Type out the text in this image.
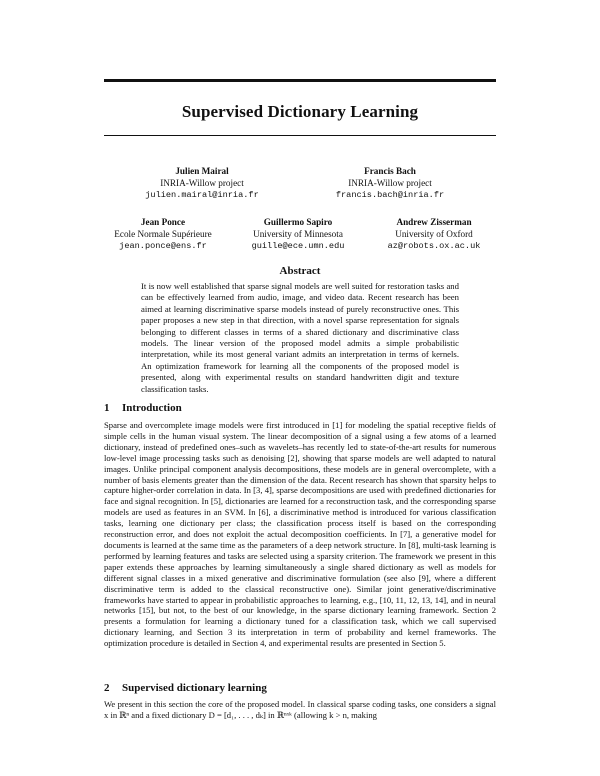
Supervised Dictionary Learning
Julien Mairal
INRIA-Willow project
julien.mairal@inria.fr
Francis Bach
INRIA-Willow project
francis.bach@inria.fr
Jean Ponce
Ecole Normale Supérieure
jean.ponce@ens.fr
Guillermo Sapiro
University of Minnesota
guille@ece.umn.edu
Andrew Zisserman
University of Oxford
az@robots.ox.ac.uk
Abstract
It is now well established that sparse signal models are well suited for restoration tasks and can be effectively learned from audio, image, and video data. Recent research has been aimed at learning discriminative sparse models instead of purely reconstructive ones. This paper proposes a new step in that direction, with a novel sparse representation for signals belonging to different classes in terms of a shared dictionary and discriminative class models. The linear version of the proposed model admits a simple probabilistic interpretation, while its most general variant admits an interpretation in terms of kernels. An optimization framework for learning all the components of the proposed model is presented, along with experimental results on standard handwritten digit and texture classification tasks.
1 Introduction
Sparse and overcomplete image models were first introduced in [1] for modeling the spatial receptive fields of simple cells in the human visual system. The linear decomposition of a signal using a few atoms of a learned dictionary, instead of predefined ones–such as wavelets–has recently led to state-of-the-art results for numerous low-level image processing tasks such as denoising [2], showing that sparse models are well adapted to natural images. Unlike principal component analysis decompositions, these models are in general overcomplete, with a number of basis elements greater than the dimension of the data. Recent research has shown that sparsity helps to capture higher-order correlation in data. In [3, 4], sparse decompositions are used with predefined dictionaries for face and signal recognition. In [5], dictionaries are learned for a reconstruction task, and the corresponding sparse models are used as features in an SVM. In [6], a discriminative method is introduced for various classification tasks, learning one dictionary per class; the classification process itself is based on the corresponding reconstruction error, and does not exploit the actual decomposition coefficients. In [7], a generative model for documents is learned at the same time as the parameters of a deep network structure. In [8], multi-task learning is performed by learning features and tasks are selected using a sparsity criterion. The framework we present in this paper extends these approaches by learning simultaneously a single shared dictionary as well as models for different signal classes in a mixed generative and discriminative formulation (see also [9], where a different discriminative term is added to the classical reconstructive one). Similar joint generative/discriminative frameworks have started to appear in probabilistic approaches to learning, e.g., [10, 11, 12, 13, 14], and in neural networks [15], but not, to the best of our knowledge, in the sparse dictionary learning framework. Section 2 presents a formulation for learning a dictionary tuned for a classification task, which we call supervised dictionary learning, and Section 3 its interpretation in term of probability and kernel frameworks. The optimization procedure is detailed in Section 4, and experimental results are presented in Section 5.
2 Supervised dictionary learning
We present in this section the core of the proposed model. In classical sparse coding tasks, one considers a signal x in ℝⁿ and a fixed dictionary D = [d₁, . . . , dₖ] in ℝⁿˣᵏ (allowing k > n, making
